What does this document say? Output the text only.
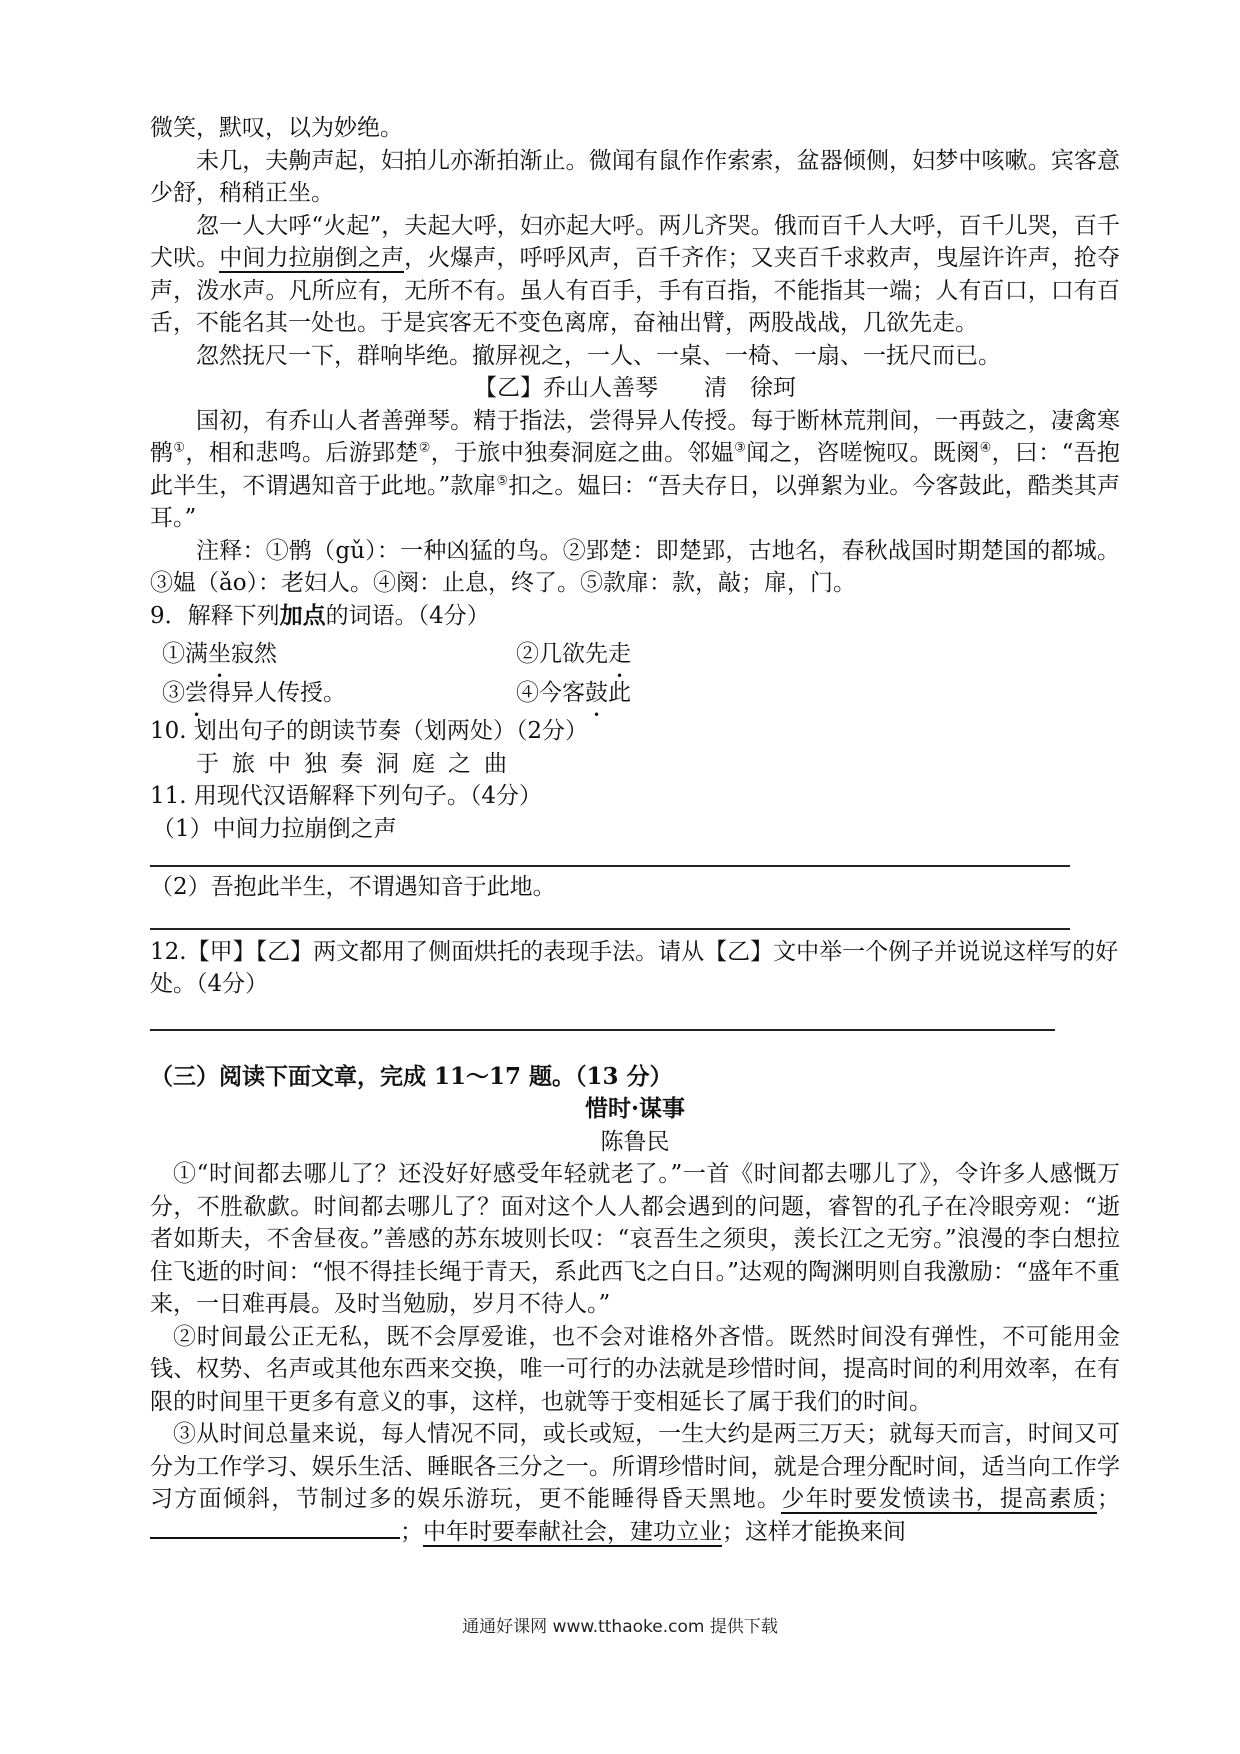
微笑，默叹，以为妙绝。

未几，夫齁声起，妇拍儿亦渐拍渐止。微闻有鼠作作索索，盆器倾侧，妇梦中咳嗽。宾客意少舒，稍稍正坐。

忽一人大呼“火起”，夫起大呼，妇亦起大呼。两儿齐哭。俄而百千人大呼，百千儿哭，百千犬吠。中间力拉崩倒之声，火爆声，呼呼风声，百千齐作；又夹百千求救声，曳屋许许声，抢夺声，泼水声。凡所应有，无所不有。虽人有百手，手有百指，不能指其一端；人有百口，口有百舌，不能名其一处也。于是宾客无不变色离席，奋袖出臂，两股战战，几欲先走。

忽然抚尺一下，群响毕绝。撤屏视之，一人、一桌、一椅、一扇、一抚尺而已。

【乙】乔山人善琴　　清　徐珂

国初，有乔山人者善弹琴。精于指法，尝得异人传授。每于断林荒荆间，一再鼓之，凄禽寒鹘①，相和悲鸣。后游郢楚②，于旅中独奏洞庭之曲。邻媪③闻之，咨嗟惋叹。既阕④，曰：“吾抱此半生，不谓遇知音于此地。”款扉⑤扣之。媪曰：“吾夫存日，以弹絮为业。今客鼓此，酷类其声耳。”

注释：①鹘（gǔ）：一种凶猛的鸟。②郢楚：即楚郢，古地名，春秋战国时期楚国的都城。③媪（ǎo）：老妇人。④阕：止息，终了。⑤款扉：款，敲；扉，门。

9．解释下列加点的词语。（4分）

①满坐寂然	②几欲先走
③尝得异人传授。	④今客鼓此

10. 划出句子的朗读节奏（划两处）（2分）

于旅中独奏洞庭之曲

11. 用现代汉语解释下列句子。（4分）

（1）中间力拉崩倒之声

（2）吾抱此半生，不谓遇知音于此地。

12.【甲】【乙】两文都用了侧面烘托的表现手法。请从【乙】文中举一个例子并说说这样写的好处。（4分）

（三）阅读下面文章，完成 11～17 题。（13 分）

惜时·谋事

陈鲁民

①“时间都去哪儿了？还没好好感受年轻就老了。”一首《时间都去哪儿了》，令许多人感慨万分，不胜欷歔。时间都去哪儿了？面对这个人人都会遇到的问题，睿智的孔子在冷眼旁观：“逝者如斯夫，不舍昼夜。”善感的苏东坡则长叹：“哀吾生之须臾，羡长江之无穷。”浪漫的李白想拉住飞逝的时间：“恨不得挂长绳于青天，系此西飞之白日。”达观的陶渊明则自我激励：“盛年不重来，一日难再晨。及时当勉励，岁月不待人。”

②时间最公正无私，既不会厚爱谁，也不会对谁格外吝惜。既然时间没有弹性，不可能用金钱、权势、名声或其他东西来交换，唯一可行的办法就是珍惜时间，提高时间的利用效率，在有限的时间里干更多有意义的事，这样，也就等于变相延长了属于我们的时间。

③从时间总量来说，每人情况不同，或长或短，一生大约是两三万天；就每天而言，时间又可分为工作学习、娱乐生活、睡眠各三分之一。所谓珍惜时间，就是合理分配时间，适当向工作学习方面倾斜，节制过多的娱乐游玩，更不能睡得昏天黑地。少年时要发愤读书，提高素质；；中年时要奉献社会，建功立业；这样才能换来间

通通好课网 www.tthaoke.com 提供下载
